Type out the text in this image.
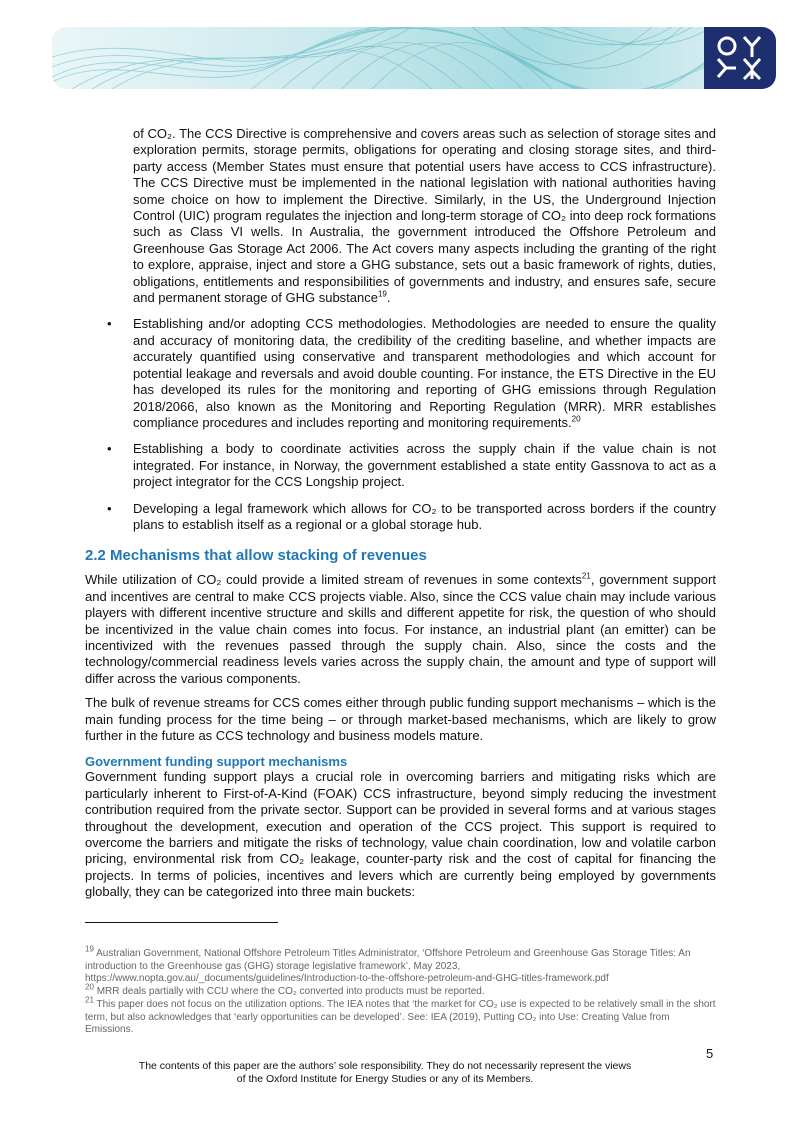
of CO₂. The CCS Directive is comprehensive and covers areas such as selection of storage sites and exploration permits, storage permits, obligations for operating and closing storage sites, and third-party access (Member States must ensure that potential users have access to CCS infrastructure). The CCS Directive must be implemented in the national legislation with national authorities having some choice on how to implement the Directive. Similarly, in the US, the Underground Injection Control (UIC) program regulates the injection and long-term storage of CO₂ into deep rock formations such as Class VI wells. In Australia, the government introduced the Offshore Petroleum and Greenhouse Gas Storage Act 2006. The Act covers many aspects including the granting of the right to explore, appraise, inject and store a GHG substance, sets out a basic framework of rights, duties, obligations, entitlements and responsibilities of governments and industry, and ensures safe, secure and permanent storage of GHG substance$^{19}$.

• Establishing and/or adopting CCS methodologies. Methodologies are needed to ensure the quality and accuracy of monitoring data, the credibility of the crediting baseline, and whether impacts are accurately quantified using conservative and transparent methodologies and which account for potential leakage and reversals and avoid double counting. For instance, the ETS Directive in the EU has developed its rules for the monitoring and reporting of GHG emissions through Regulation 2018/2066, also known as the Monitoring and Reporting Regulation (MRR). MRR establishes compliance procedures and includes reporting and monitoring requirements.$^{20}$
• Establishing a body to coordinate activities across the supply chain if the value chain is not integrated. For instance, in Norway, the government established a state entity Gassnova to act as a project integrator for the CCS Longship project.
• Developing a legal framework which allows for CO₂ to be transported across borders if the country plans to establish itself as a regional or a global storage hub.
2.2 Mechanisms that allow stacking of revenues

While utilization of CO₂ could provide a limited stream of revenues in some contexts$^{21}$, government support and incentives are central to make CCS projects viable. Also, since the CCS value chain may include various players with different incentive structure and skills and different appetite for risk, the question of who should be incentivized in the value chain comes into focus. For instance, an industrial plant (an emitter) can be incentivized with the revenues passed through the supply chain. Also, since the costs and the technology/commercial readiness levels varies across the supply chain, the amount and type of support will differ across the various components.

The bulk of revenue streams for CCS comes either through public funding support mechanisms – which is the main funding process for the time being – or through market-based mechanisms, which are likely to grow further in the future as CCS technology and business models mature.

Government funding support mechanisms

Government funding support plays a crucial role in overcoming barriers and mitigating risks which are particularly inherent to First-of-A-Kind (FOAK) CCS infrastructure, beyond simply reducing the investment contribution required from the private sector. Support can be provided in several forms and at various stages throughout the development, execution and operation of the CCS project. This support is required to overcome the barriers and mitigate the risks of technology, value chain coordination, low and volatile carbon pricing, environmental risk from CO₂ leakage, counter-party risk and the cost of capital for financing the projects. In terms of policies, incentives and levers which are currently being employed by governments globally, they can be categorized into three main buckets:

$^{19}$ Australian Government, National Offshore Petroleum Titles Administrator, ‘Offshore Petroleum and Greenhouse Gas Storage Titles: An introduction to the Greenhouse gas (GHG) storage legislative framework’, May 2023, https://www.nopta.gov.au/_documents/guidelines/Introduction-to-the-offshore-petroleum-and-GHG-titles-framework.pdf

$^{20}$ MRR deals partially with CCU where the CO₂ converted into products must be reported.

$^{21}$ This paper does not focus on the utilization options. The IEA notes that ‘the market for CO₂ use is expected to be relatively small in the short term, but also acknowledges that ‘early opportunities can be developed’. See: IEA (2019), Putting CO₂ into Use: Creating Value from Emissions.

5
The contents of this paper are the authors’ sole responsibility. They do not necessarily represent the views
of the Oxford Institute for Energy Studies or any of its Members.
